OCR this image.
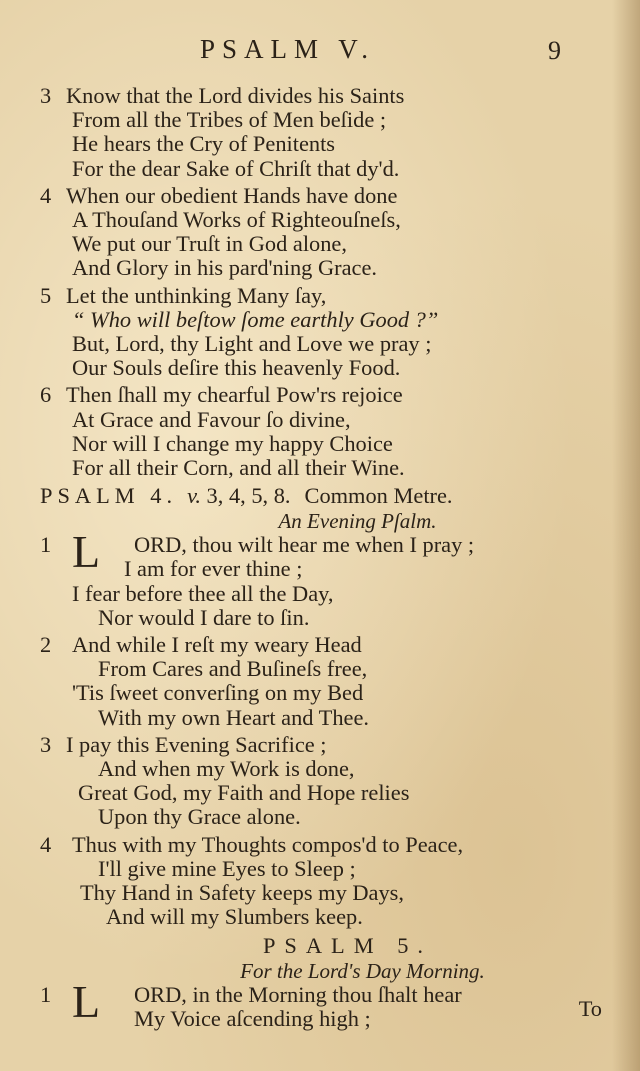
PSALM V.	9
3 Know that the Lord divides his Saints
From all the Tribes of Men beſide ;
He hears the Cry of Penitents
For the dear Sake of Chriſt that dy'd.
4 When our obedient Hands have done
A Thouſand Works of Righteouſneſs,
We put our Truſt in God alone,
And Glory in his pard'ning Grace.
5 Let the unthinking Many ſay,
“ Who will beſtow ſome earthly Good ?”
But, Lord, thy Light and Love we pray ;
Our Souls deſire this heavenly Food.
6 Then ſhall my chearful Pow'rs rejoice
At Grace and Favour ſo divine,
Nor will I change my happy Choice
For all their Corn, and all their Wine.
PSALM 4. v. 3, 4, 5, 8. Common Metre.
An Evening Pſalm.
1 L ORD, thou wilt hear me when I pray ;
I am for ever thine ;
I fear before thee all the Day,
Nor would I dare to ſin.
2 And while I reſt my weary Head
From Cares and Buſineſs free,
'Tis ſweet converſing on my Bed
With my own Heart and Thee.
3 I pay this Evening Sacrifice ;
And when my Work is done,
Great God, my Faith and Hope relies
Upon thy Grace alone.
4 Thus with my Thoughts compos'd to Peace,
I'll give mine Eyes to Sleep ;
Thy Hand in Safety keeps my Days,
And will my Slumbers keep.
PSALM 5.
For the Lord's Day Morning.
1 L ORD, in the Morning thou ſhalt hear
My Voice aſcending high ;	To
